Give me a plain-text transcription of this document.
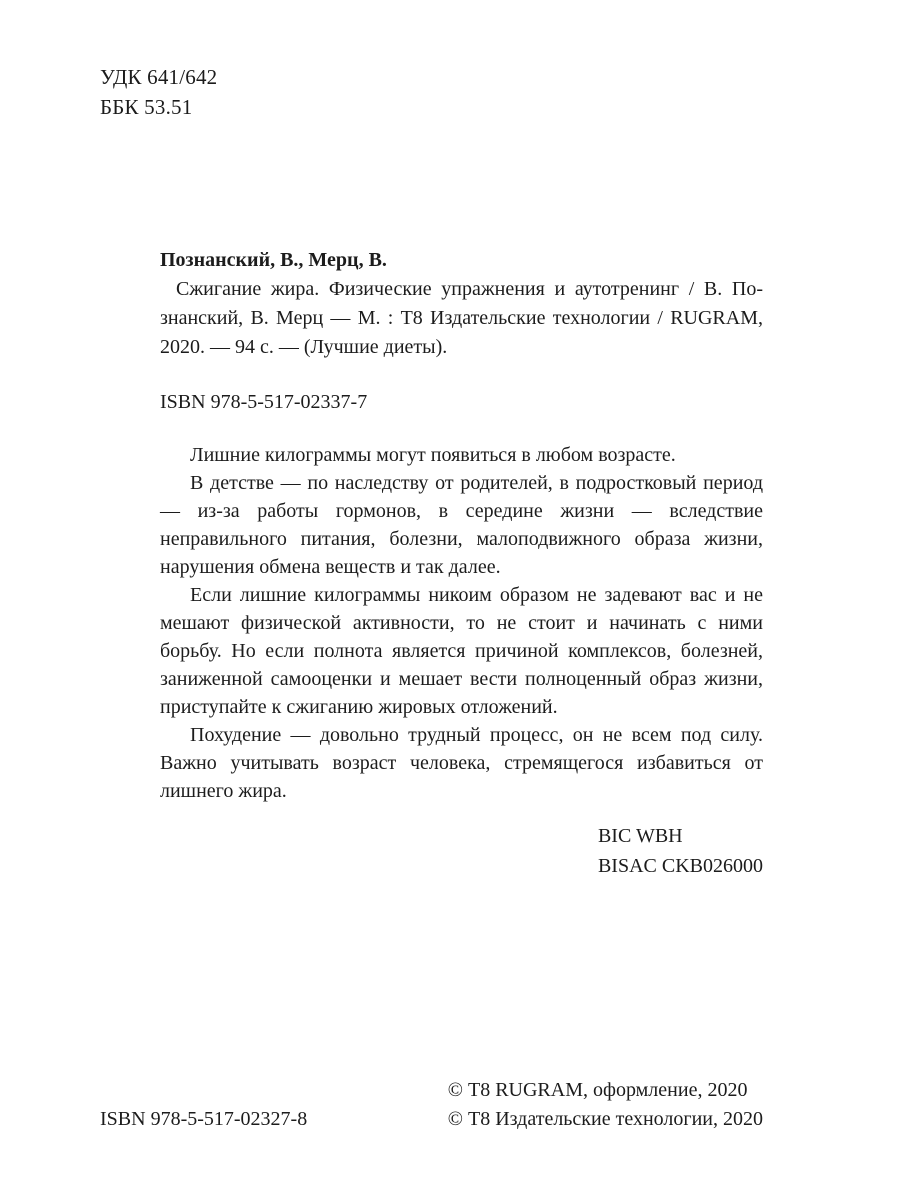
УДК 641/642
ББК 53.51
Познанский, В., Мерц, В.

Сжигание жира. Физические упражнения и аутотренинг / В. Познанский, В. Мерц — М. : Т8 Издательские технологии / RUGRAM, 2020. — 94 с. — (Лучшие диеты).

ISBN 978-5-517-02337-7

Лишние килограммы могут появиться в любом возрасте.

В детстве — по наследству от родителей, в подростковый период — из-за работы гормонов, в середине жизни — вследствие неправильного питания, болезни, малоподвижного образа жизни, нарушения обмена веществ и так далее.

Если лишние килограммы никоим образом не задевают вас и не мешают физической активности, то не стоит и начинать с ними борьбу. Но если полнота является причиной комплексов, болезней, заниженной самооценки и мешает вести полноценный образ жизни, приступайте к сжиганию жировых отложений.

Похудение — довольно трудный процесс, он не всем под силу. Важно учитывать возраст человека, стремящегося избавиться от лишнего жира.

BIC WBH
BISAC CKB026000
ISBN 978-5-517-02327-8
© Т8 RUGRAM, оформление, 2020
© Т8 Издательские технологии, 2020
